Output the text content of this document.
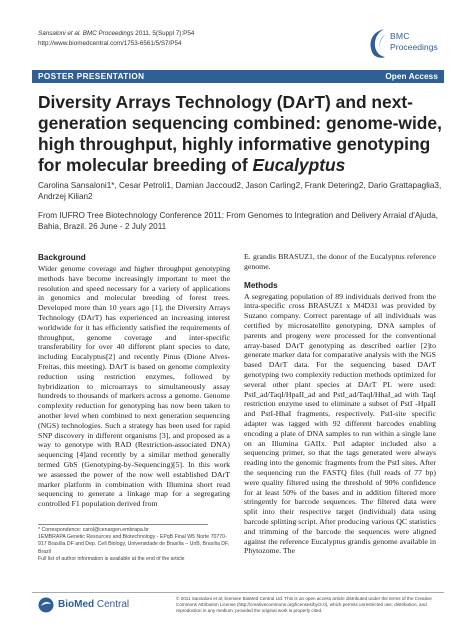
Sansaloni et al. BMC Proceedings 2011, 5(Suppl 7):P54
http://www.biomedcentral.com/1753-6561/5/S7/P54
BMC
Proceedings
POSTER PRESENTATION	Open Access
Diversity Arrays Technology (DArT) and next-generation sequencing combined: genome-wide, high throughput, highly informative genotyping for molecular breeding of Eucalyptus
Carolina Sansaloni1*, Cesar Petroli1, Damian Jaccoud2, Jason Carling2, Frank Detering2, Dario Grattapaglia3, Andrzej Kilian2
From IUFRO Tree Biotechnology Conference 2011: From Genomes to Integration and Delivery Arraial d'Ajuda, Bahia, Brazil. 26 June - 2 July 2011
Background

Wider genome coverage and higher throughput genotyping methods have become increasingly important to meet the resolution and speed necessary for a variety of applications in genomics and molecular breeding of forest trees. Developed more than 10 years ago [1], the Diversity Arrays Technology (DArT) has experienced an increasing interest worldwide for it has efficiently satisfied the requirements of throughput, genome coverage and inter-specific transferability for over 40 different plant species to date, including Eucalyptus[2] and recently Pinus (Dione Alves-Freitas, this meeting). DArT is based on genome complexity reduction using restriction enzymes, followed by hybridization to microarrays to simultaneously assay hundreds to thousands of markers across a genome. Genome complexity reduction for genotyping has now been taken to another level when combined to next generation sequencing (NGS) technologies. Such a strategy has been used for rapid SNP discovery in different organisms [3], and proposed as a way to genotype with RAD (Restriction-associated DNA) sequencing [4]and recently by a similar method generally termed GbS (Genotyping-by-Sequencing)[5]. In this work we assessed the power of the now well established DArT marker platform in combination with Illumina short read sequencing to generate a linkage map for a segregating controlled F1 population derived from

E. grandis BRASUZ1, the donor of the Eucalyptus reference genome.

Methods

A segregating population of 89 individuals derived from the intra-specific cross BRASUZ1 x M4D31 was provided by Suzano company. Correct parentage of all individuals was certified by microsatellite genotyping. DNA samples of parents and progeny were processed for the conventional array-based DArT genotyping as described earlier [2]to generate marker data for comparative analysis with the NGS based DArT data. For the sequencing based DArT genotyping two complexity reduction methods optimized for several other plant species at DArT PL were used: PstI_ad/TaqI/HpaII_ad and PstI_ad/TaqI/HhaI_ad with TaqI restriction enzyme used to eliminate a subset of PstI -HpaII and PstI-HhaI fragments, respectively. PstI-site specific adapter was tagged with 92 different barcodes enabling encoding a plate of DNA samples to run within a single lane on an Illumina GAIIx. PstI adapter included also a sequencing primer, so that the tags generated were always reading into the genomic fragments from the PstI sites. After the sequencing run the FASTQ files (full reads of 77 bp) were quality filtered using the threshold of 90% confidence for at least 50% of the bases and in addition filtered more stringently for barcode sequences. The filtered data were split into their respective target (individual) data using barcode splitting script. After producing various QC statistics and trimming of the barcode the sequences were aligned against the reference Eucalyptus grandis genome available in Phytozome. The

* Correspondence: carol@cenargen.embrapa.br
1EMBRAPA Genetic Resources and Biotechnology - EPqB Final W5 Norte 70770-917 Brasília DF and Dep. Cell Biology, Universidade de Brasília – UnB, Brasília DF, Brazil
Full list of author information is available at the end of the article
BioMed Central
© 2011 Sansaloni et al; licensee BioMed Central Ltd. This is an open access article distributed under the terms of the Creative Commons Attribution License (http://creativecommons.org/licenses/by/2.0), which permits unrestricted use, distribution, and reproduction in any medium, provided the original work is properly cited.
